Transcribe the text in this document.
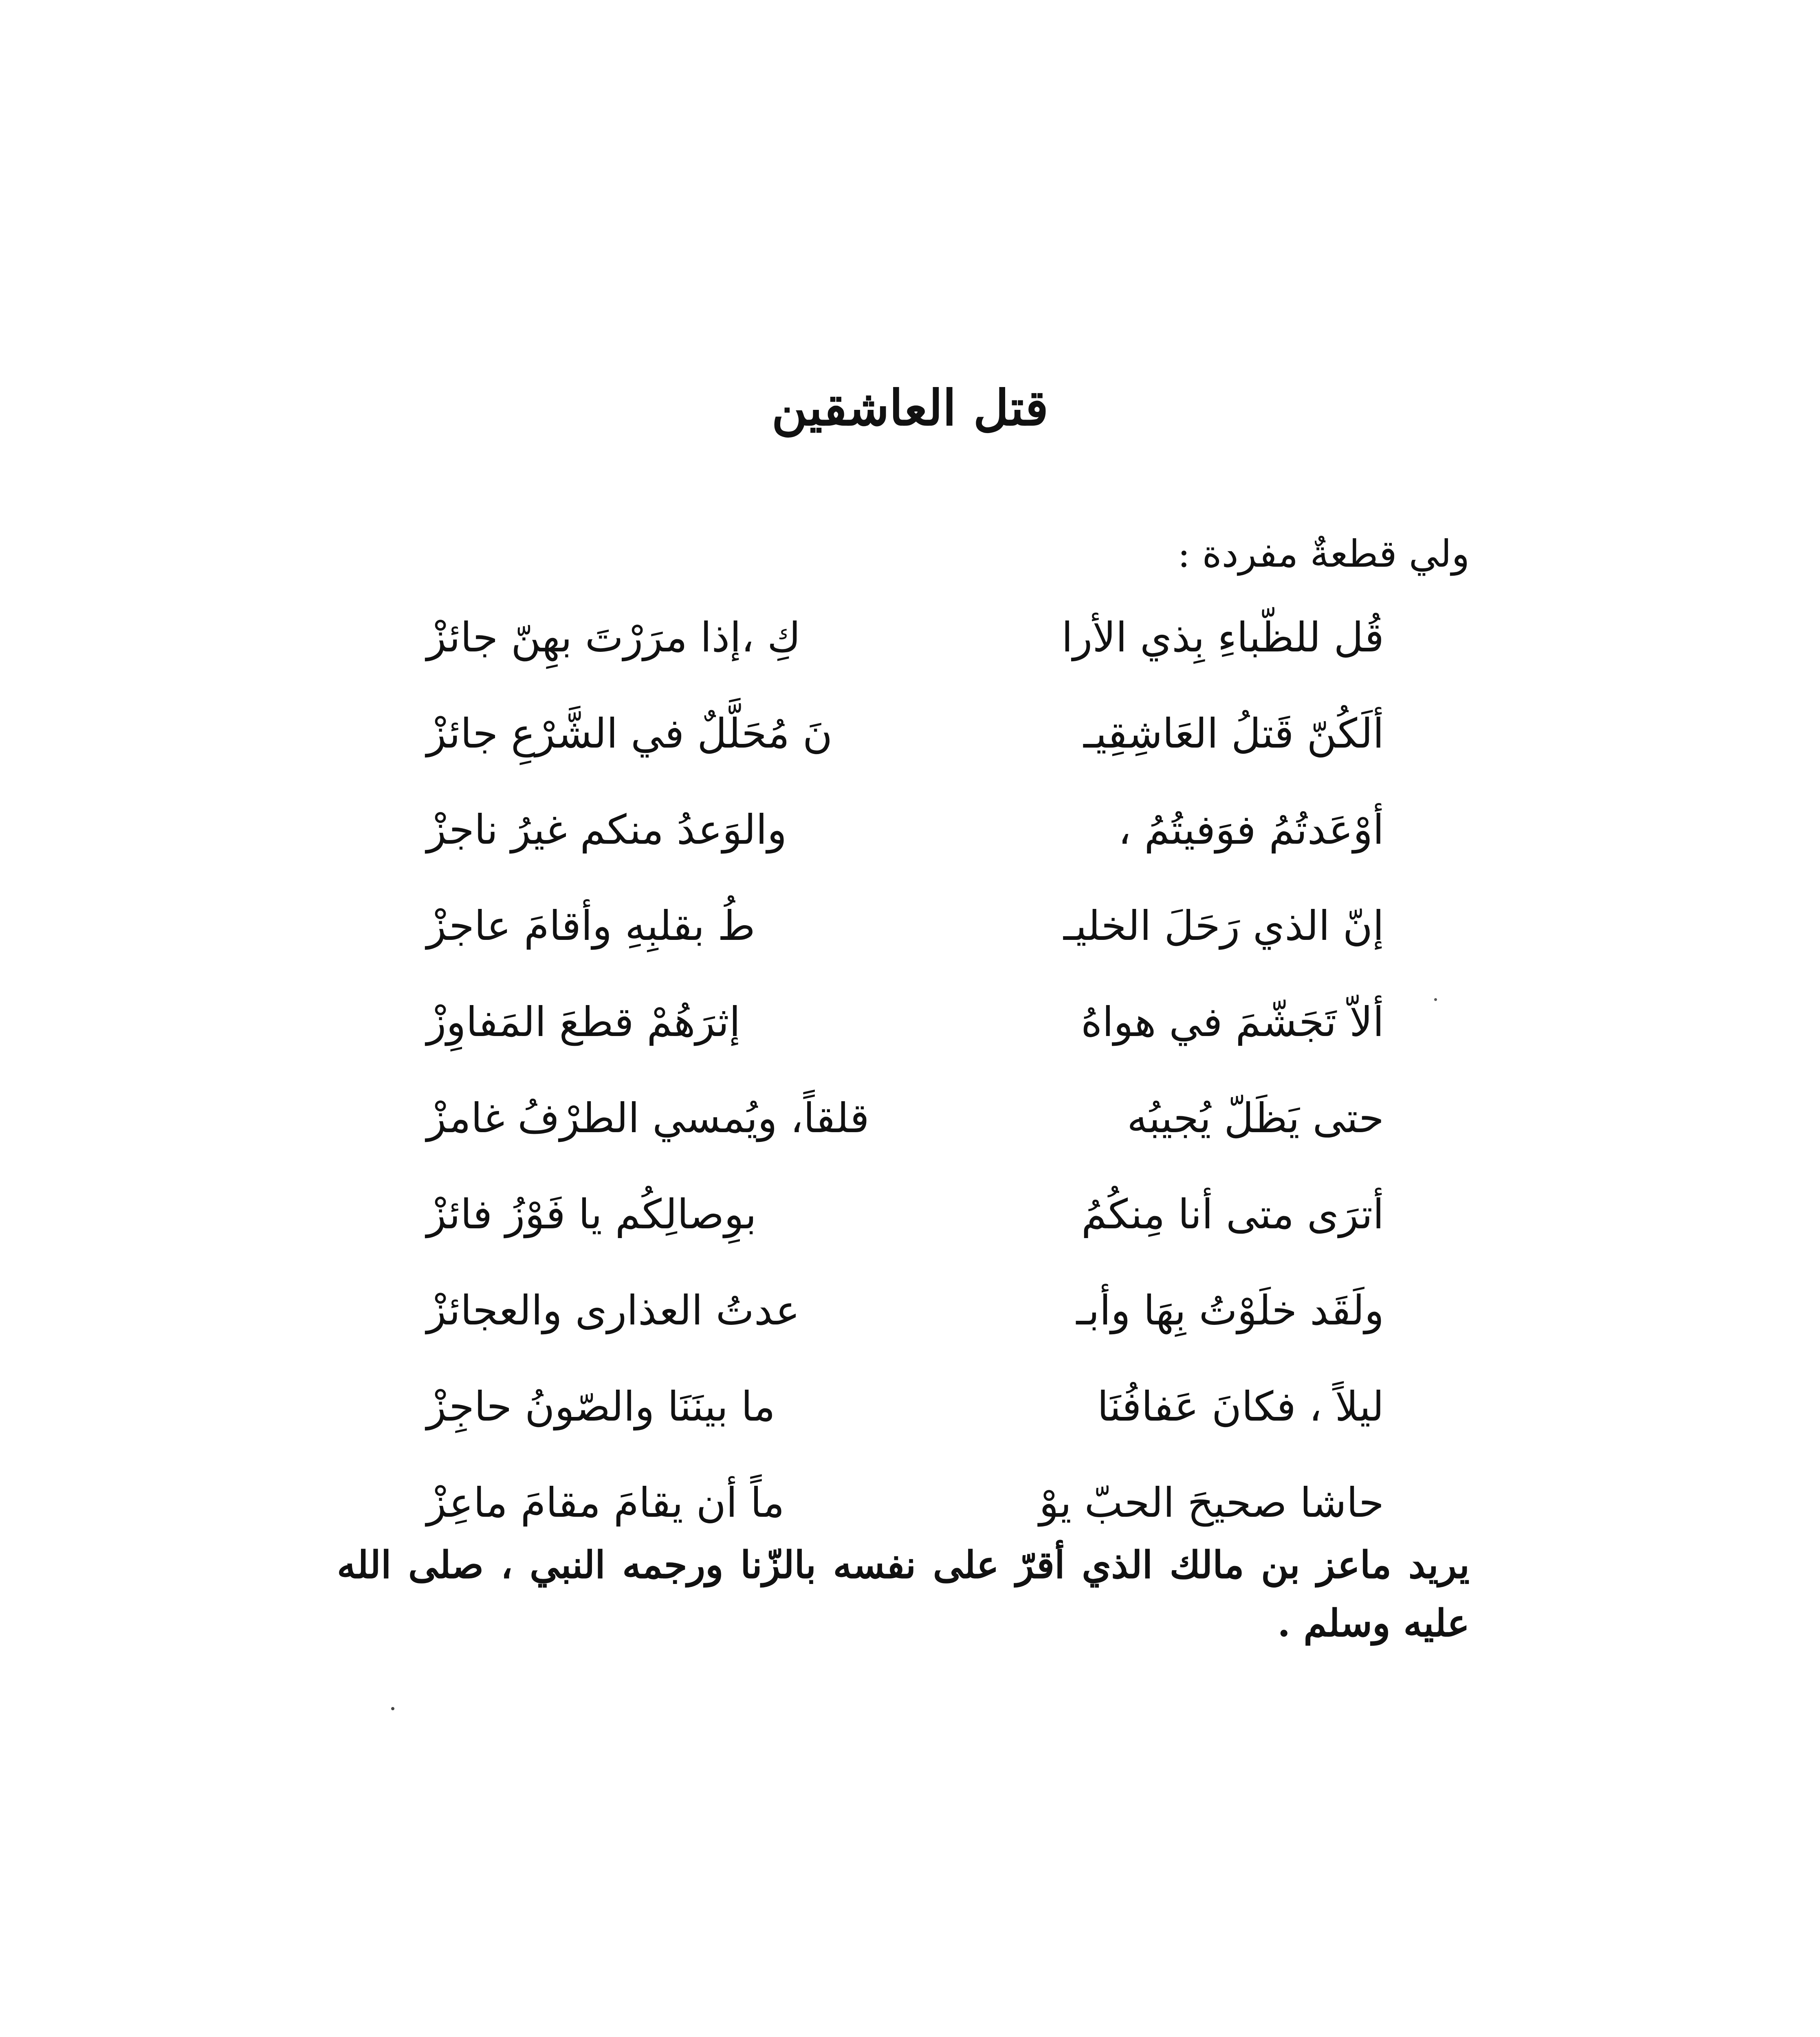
قتل العاشقين
ولي قطعةٌ مفردة :
قُل للظّباءِ بِذي الأرا
كِ ،إذا مرَرْتَ بهِنّ جائزْ
ألَكُنّ قَتلُ العَاشِقِيـ
نَ مُحَلَّلٌ في الشَّرْعِ جائزْ
أوْعَدتُمُ فوَفيتُمُ ،
والوَعدُ منكم غيرُ ناجزْ
إنّ الذي رَحَلَ الخليـ
طُ بقلبِهِ وأقامَ عاجزْ
ألاّ تَجَشّمَ في هواهُ
إثرَهُمْ قطعَ المَفاوِزْ
حتى يَظَلّ يُجيبُه
قلقاً، ويُمسي الطرْفُ غامزْ
أترَى متى أنا مِنكُمُ
بوِصالِكُم يا فَوْزُ فائزْ
ولَقَد خلَوْتُ بِهَا وأبـ
عدتُ العذارى والعجائزْ
ليلاً ، فكانَ عَفافُنَا
ما بينَنَا والصّونُ حاجِزْ
حاشا صحيحَ الحبّ يوْ
ماً أن يقامَ مقامَ ماعِزْ
يريد ماعز بن مالك الذي أقرّ على نفسه بالزّنا ورجمه النبي ، صلى الله عليه وسلم .
